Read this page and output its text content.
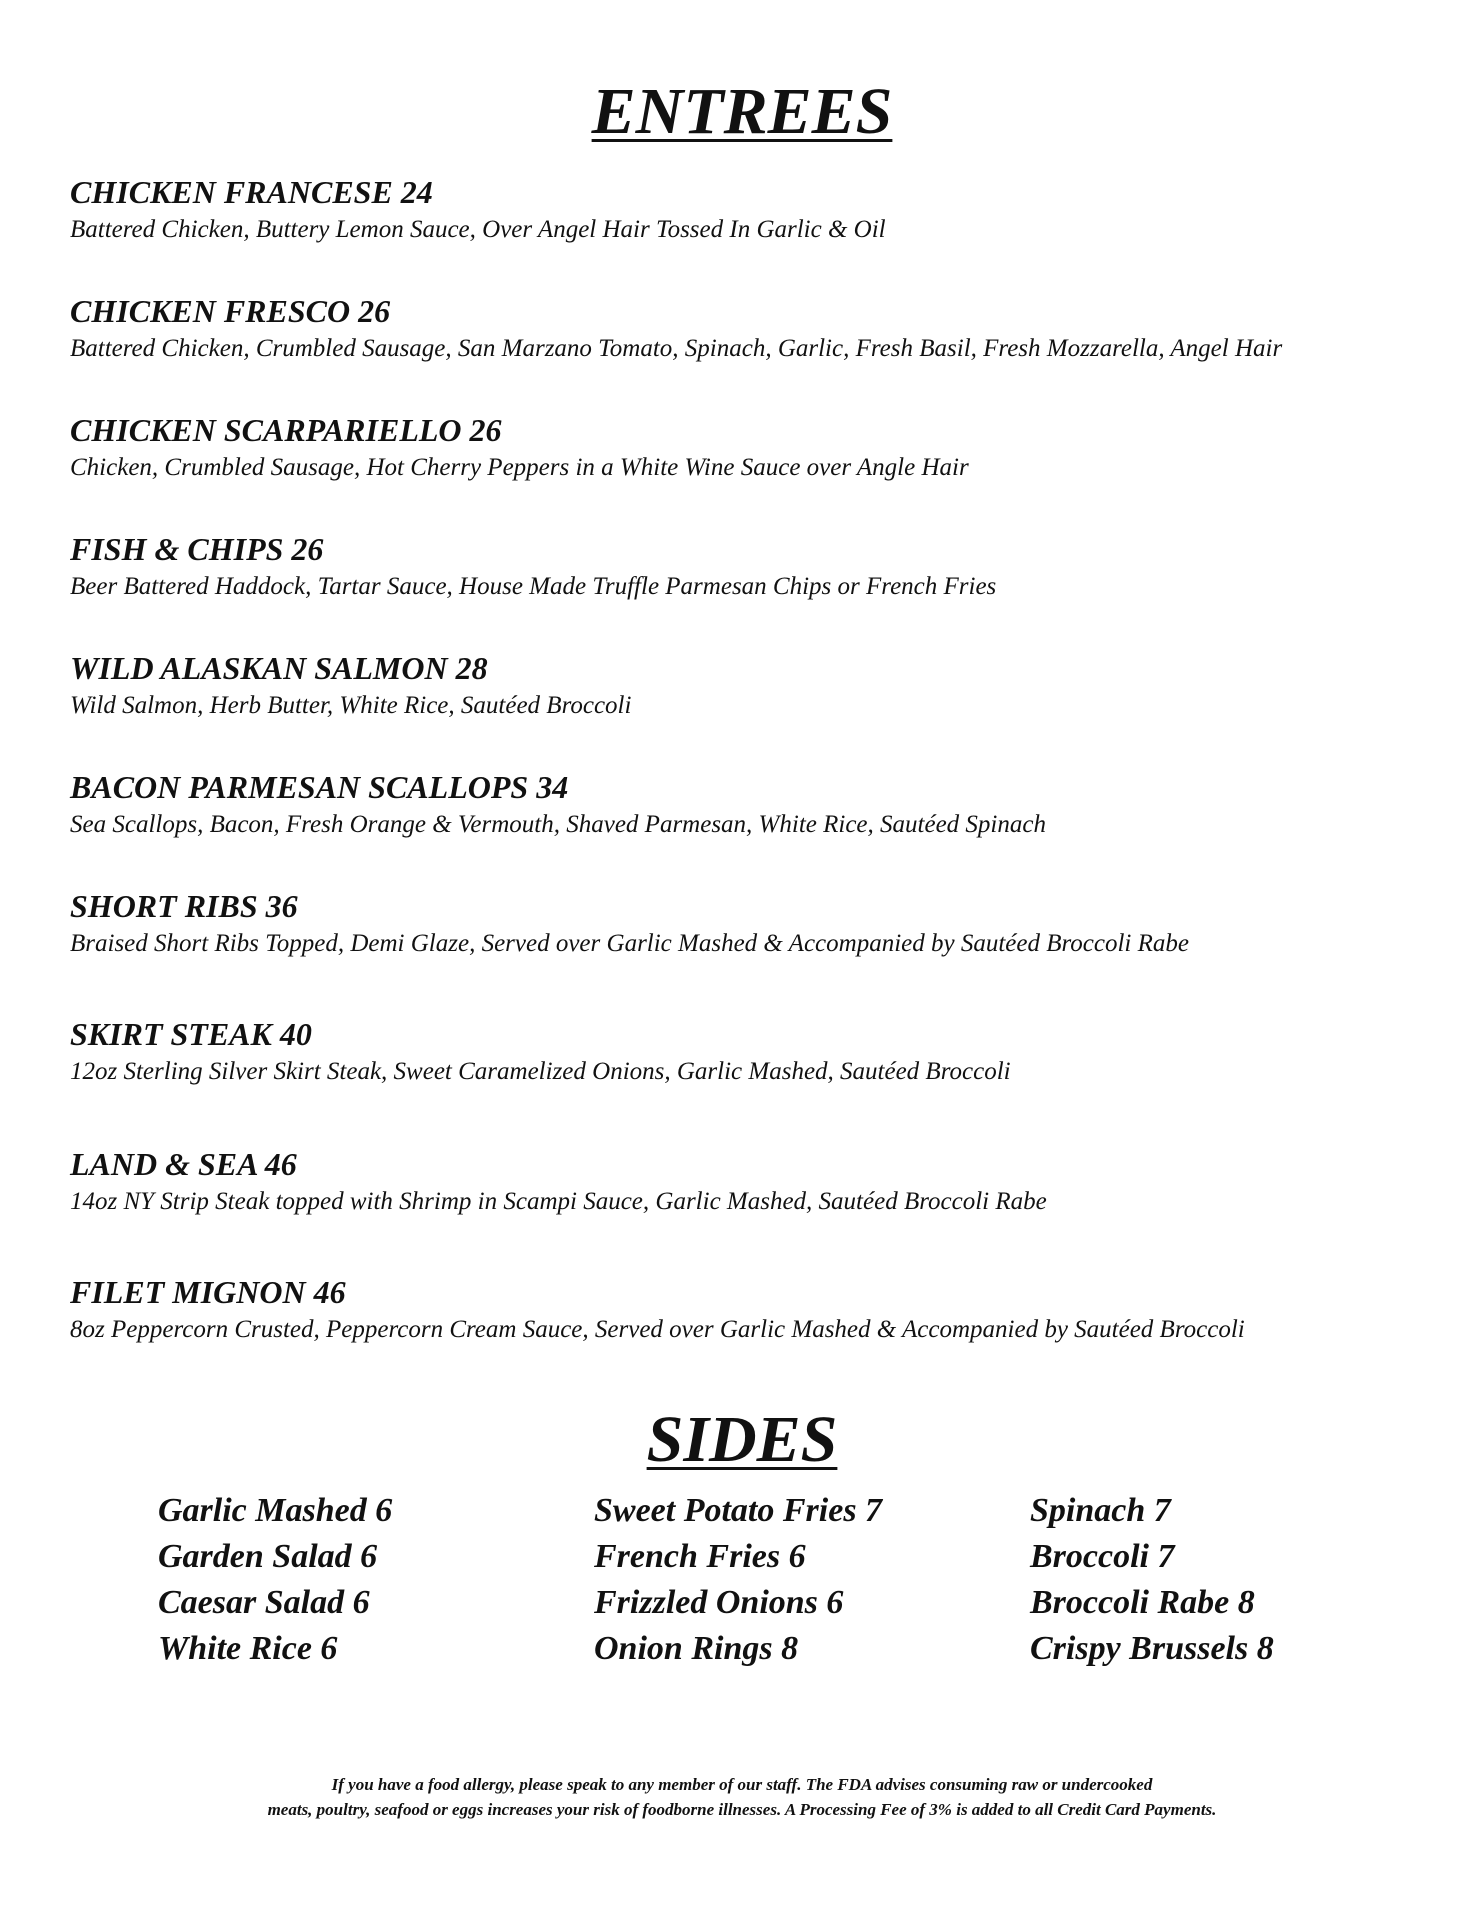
ENTREES
CHICKEN FRANCESE 24
Battered Chicken, Buttery Lemon Sauce, Over Angel Hair Tossed In Garlic & Oil
CHICKEN FRESCO 26
Battered Chicken, Crumbled Sausage, San Marzano Tomato, Spinach, Garlic, Fresh Basil, Fresh Mozzarella, Angel Hair
CHICKEN SCARPARIELLO 26
Chicken, Crumbled Sausage, Hot Cherry Peppers in a White Wine Sauce over Angle Hair
FISH & CHIPS 26
Beer Battered Haddock, Tartar Sauce, House Made Truffle Parmesan Chips or French Fries
WILD ALASKAN SALMON 28
Wild Salmon, Herb Butter, White Rice, Sautéed Broccoli
BACON PARMESAN SCALLOPS 34
Sea Scallops, Bacon, Fresh Orange & Vermouth, Shaved Parmesan, White Rice, Sautéed Spinach
SHORT RIBS 36
Braised Short Ribs Topped, Demi Glaze, Served over Garlic Mashed & Accompanied by Sautéed Broccoli Rabe
SKIRT STEAK 40
12oz Sterling Silver Skirt Steak, Sweet Caramelized Onions, Garlic Mashed, Sautéed Broccoli
LAND & SEA 46
14oz NY Strip Steak topped with Shrimp in Scampi Sauce, Garlic Mashed, Sautéed Broccoli Rabe
FILET MIGNON 46
8oz Peppercorn Crusted, Peppercorn Cream Sauce, Served over Garlic Mashed & Accompanied by Sautéed Broccoli
SIDES
Garlic Mashed 6
Garden Salad 6
Caesar Salad 6
White Rice 6
Sweet Potato Fries 7
French Fries 6
Frizzled Onions 6
Onion Rings 8
Spinach 7
Broccoli 7
Broccoli Rabe 8
Crispy Brussels 8
If you have a food allergy, please speak to any member of our staff. The FDA advises consuming raw or undercooked
meats, poultry, seafood or eggs increases your risk of foodborne illnesses. A Processing Fee of 3% is added to all Credit Card Payments.
